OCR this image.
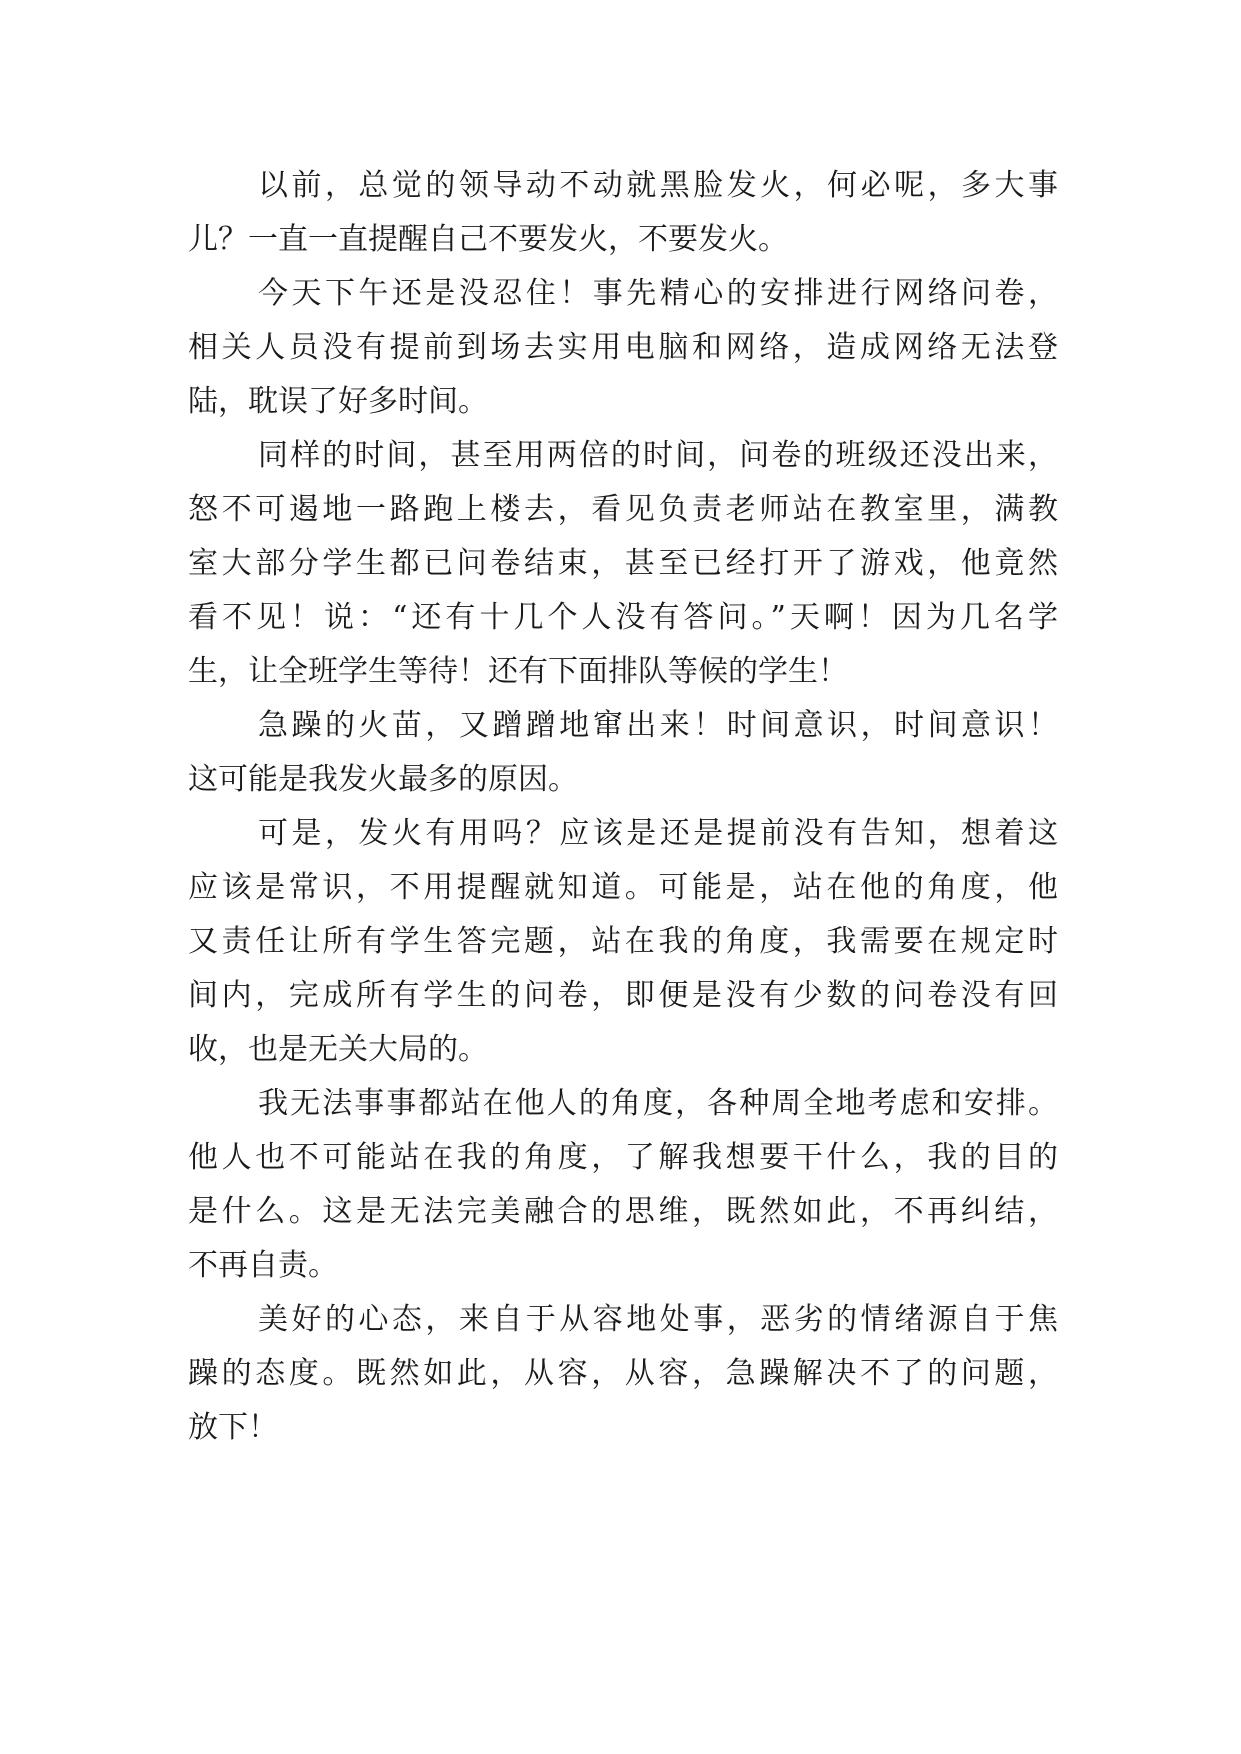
以前，总觉的领导动不动就黑脸发火，何必呢，多大事
儿？一直一直提醒自己不要发火，不要发火。
今天下午还是没忍住！事先精心的安排进行网络问卷，
相关人员没有提前到场去实用电脑和网络，造成网络无法登
陆，耽误了好多时间。
同样的时间，甚至用两倍的时间，问卷的班级还没出来，
怒不可遏地一路跑上楼去，看见负责老师站在教室里，满教
室大部分学生都已问卷结束，甚至已经打开了游戏，他竟然
看不见！说：“还有十几个人没有答问。”天啊！因为几名学
生，让全班学生等待！还有下面排队等候的学生！
急躁的火苗，又蹭蹭地窜出来！时间意识，时间意识！
这可能是我发火最多的原因。
可是，发火有用吗？应该是还是提前没有告知，想着这
应该是常识，不用提醒就知道。可能是，站在他的角度，他
又责任让所有学生答完题，站在我的角度，我需要在规定时
间内，完成所有学生的问卷，即便是没有少数的问卷没有回
收，也是无关大局的。
我无法事事都站在他人的角度，各种周全地考虑和安排。
他人也不可能站在我的角度，了解我想要干什么，我的目的
是什么。这是无法完美融合的思维，既然如此，不再纠结，
不再自责。
美好的心态，来自于从容地处事，恶劣的情绪源自于焦
躁的态度。既然如此，从容，从容，急躁解决不了的问题，
放下！
